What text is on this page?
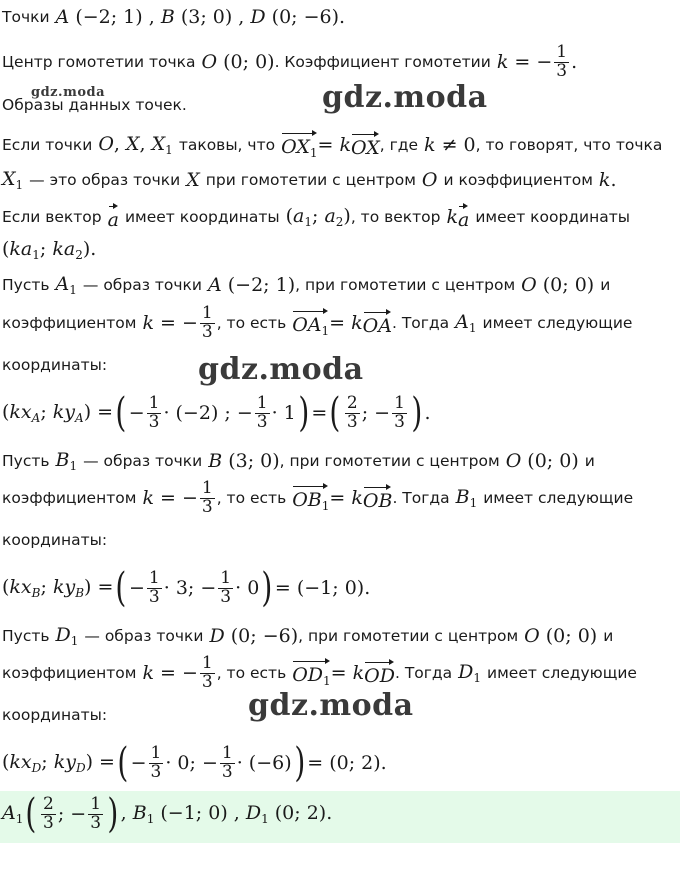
Точки A (−2; 1) , B (3; 0) , D (0; −6).
Центр гомотетии точка O (0; 0) . Коэффициент гомотетии k = − $\frac{1}{3}$ .
Образы данных точек.
gdz.moda	gdz.moda
Если точки O, X, $X_1$ таковы, что $OX_1 = k$ OX , где k ≠ 0 , то говорят, что точка
$X_1$ — это образ точки X при гомотетии с центром O и коэффициентом k.
Если вектор a имеет координаты ($a_1$; $a_2$) , то вектор k a имеет координаты
($ka_1$; $ka_2$).
Пусть $A_1$ — образ точки A (−2; 1) , при гомотетии с центром O (0; 0) и
коэффициентом k = − $\frac{1}{3}$ , то есть $OA_1 = k$ OA . Тогда $A_1$ имеет следующие
координаты:	gdz.moda
($kx_A$; $ky_A$) = ( − $\frac{1}{3} \cdot (-2)$ ; − $\frac{1}{3} \cdot 1$ ) = ( $\frac{2}{3}$ ; − $\frac{1}{3}$ ) .
Пусть $B_1$ — образ точки B (3; 0) , при гомотетии с центром O (0; 0) и
коэффициентом k = − $\frac{1}{3}$ , то есть $OB_1 = k$ OB . Тогда $B_1$ имеет следующие
координаты:
($kx_B$; $ky_B$) = ( − $\frac{1}{3} \cdot 3$; − $\frac{1}{3} \cdot 0$ ) = (−1; 0).
Пусть $D_1$ — образ точки D (0; −6) , при гомотетии с центром O (0; 0) и
коэффициентом k = − $\frac{1}{3}$ , то есть $OD_1 = k$ OD . Тогда $D_1$ имеет следующие
координаты:	gdz.moda
($kx_D$; $ky_D$) = ( − $\frac{1}{3} \cdot 0$; − $\frac{1}{3} \cdot (-6)$ ) = (0; 2).
$A_1$ ( $\frac{2}{3}$ ; − $\frac{1}{3}$ ) , $B_1$ (−1; 0) , $D_1$ (0; 2).
